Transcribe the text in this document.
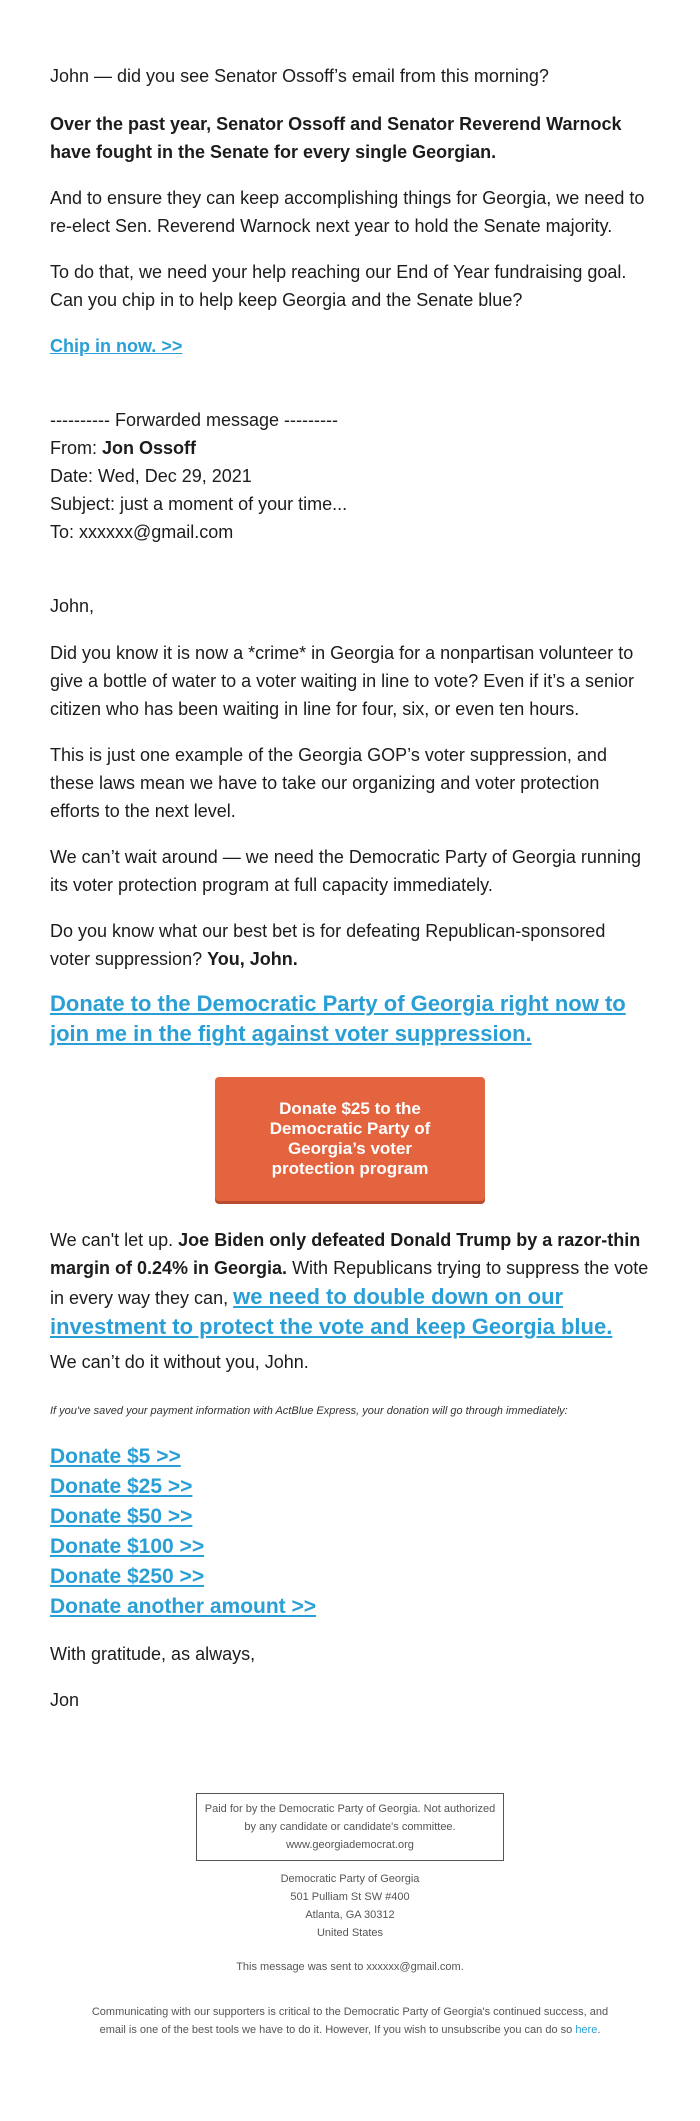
John — did you see Senator Ossoff’s email from this morning?

Over the past year, Senator Ossoff and Senator Reverend Warnock have fought in the Senate for every single Georgian.

And to ensure they can keep accomplishing things for Georgia, we need to re-elect Sen. Reverend Warnock next year to hold the Senate majority.

To do that, we need your help reaching our End of Year fundraising goal. Can you chip in to help keep Georgia and the Senate blue?

Chip in now. >>

---------- Forwarded message ---------

From: Jon Ossoff

Date: Wed, Dec 29, 2021

Subject: just a moment of your time...

To: xxxxxx@gmail.com

John,

Did you know it is now a *crime* in Georgia for a nonpartisan volunteer to give a bottle of water to a voter waiting in line to vote? Even if it’s a senior citizen who has been waiting in line for four, six, or even ten hours.

This is just one example of the Georgia GOP’s voter suppression, and these laws mean we have to take our organizing and voter protection efforts to the next level.

We can’t wait around — we need the Democratic Party of Georgia running its voter protection program at full capacity immediately.

Do you know what our best bet is for defeating Republican-sponsored voter suppression? You, John.

Donate to the Democratic Party of Georgia right now to join me in the fight against voter suppression.
Donate $25 to the Democratic Party of Georgia’s voter protection program

We can't let up. Joe Biden only defeated Donald Trump by a razor-thin margin of 0.24% in Georgia. With Republicans trying to suppress the vote in every way they can, we need to double down on our investment to protect the vote and keep Georgia blue.

We can’t do it without you, John.

If you've saved your payment information with ActBlue Express, your donation will go through immediately:

Donate $5 >>
Donate $25 >>
Donate $50 >>
Donate $100 >>
Donate $250 >>
Donate another amount >>

With gratitude, as always,

Jon

Paid for by the Democratic Party of Georgia. Not authorized by any candidate or candidate's committee. www.georgiademocrat.org
Democratic Party of Georgia
501 Pulliam St SW #400
Atlanta, GA 30312
United States
This message was sent to xxxxxx@gmail.com.
Communicating with our supporters is critical to the Democratic Party of Georgia's continued success, and email is one of the best tools we have to do it. However, If you wish to unsubscribe you can do so here.
